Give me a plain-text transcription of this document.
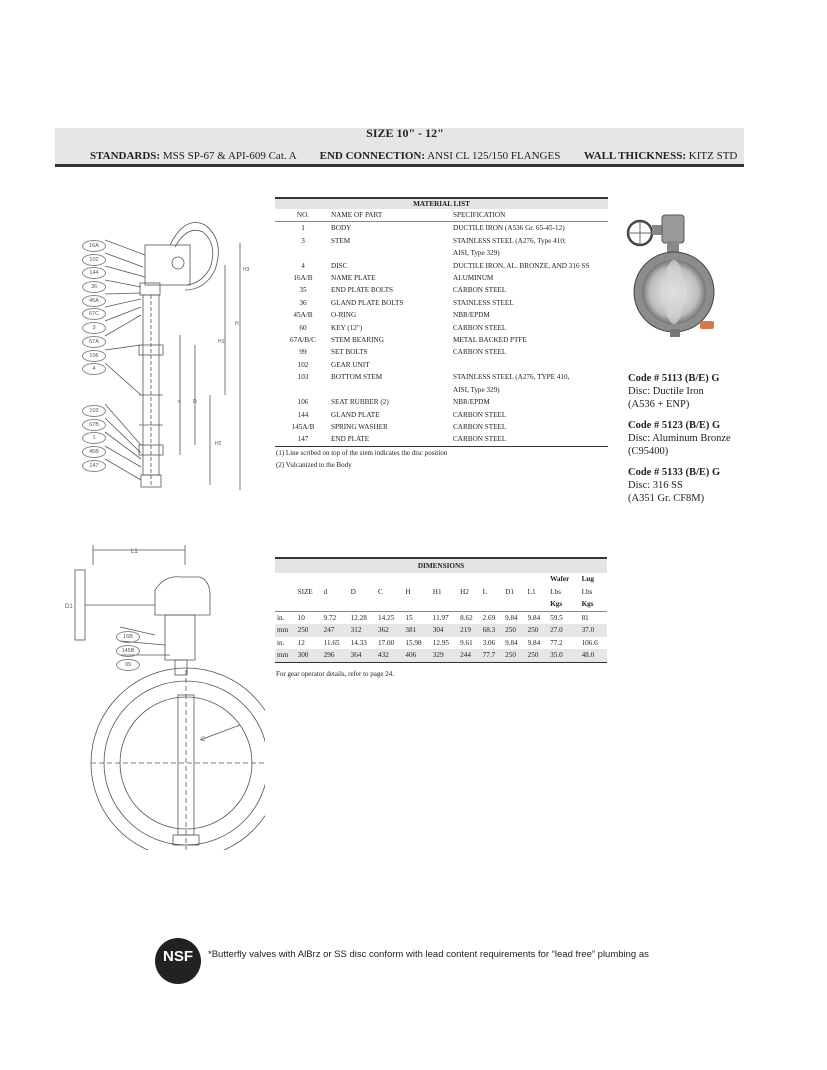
SIZE 10" - 12"
STANDARDS: MSS SP-67 & API-609 Cat. A END CONNECTION: ANSI CL 125/150 FLANGES WALL THICKNESS: KITZ STD
H3
H
H1
D
d
H2
16A
102
144
36
45A
67C
3
67A
106
4
103
67B
1
45B
147
MATERIAL LIST		
NO.	NAME OF PART	SPECIFICATION
1	BODY	DUCTILE IRON (A536 Gr. 65-45-12)
3	STEM	STAINLESS STEEL (A276, Type 410;
		AISI, Type 329)
4	DISC	DUCTILE IRON, AL. BRONZE, AND 316 SS
16A/B	NAME PLATE	ALUMINUM
35	END PLATE BOLTS	CARBON STEEL
36	GLAND PLATE BOLTS	STAINLESS STEEL
45A/B	O-RING	NBR/EPDM
60	KEY (12")	CARBON STEEL
67A/B/C	STEM BEARING	METAL BACKED PTFE
99	SET BOLTS	CARBON STEEL
102	GEAR UNIT	
103	BOTTOM STEM	STAINLESS STEEL (A276, TYPE 410,
		AISI, Type 329)
106	SEAT RUBBER (2)	NBR/EPDM
144	GLAND PLATE	CARBON STEEL
145A/B	SPRING WASHER	CARBON STEEL
147	END PLATE	CARBON STEEL
(1) Line scribed on top of the stem indicates the disc position
(2) Vulcanized to the Body
Code # 5113 (B/E) G
Disc: Ductile Iron
(A536 + ENP)
Code # 5123 (B/E) G
Disc: Aluminum Bronze
(C95400)
Code # 5133 (B/E) G
Disc: 316 SS
(A351 Gr. CF8M)
L1
D1
C
16B
145B
99
DIMENSIONS												
											Wafer	Lug
	SIZE	d	D	C	H	H1	H2	L	D1	L1	Lbs	Lbs
											Kgs	Kgs
in.	10	9.72	12.28	14.25	15	11.97	8.62	2.69	9.84	9.84	59.5	81
mm	250	247	312	362	381	304	219	68.3	250	250	27.0	37.0
in.	12	11.65	14.33	17.00	15.98	12.95	9.61	3.06	9.84	9.84	77.2	106.6
mm	300	296	364	432	406	329	244	77.7	250	250	35.0	48.0
For gear operator details, refer to page 24.
NSF	*Butterfly valves with AlBrz or SS disc conform with lead content requirements for “lead free” plumbing as
